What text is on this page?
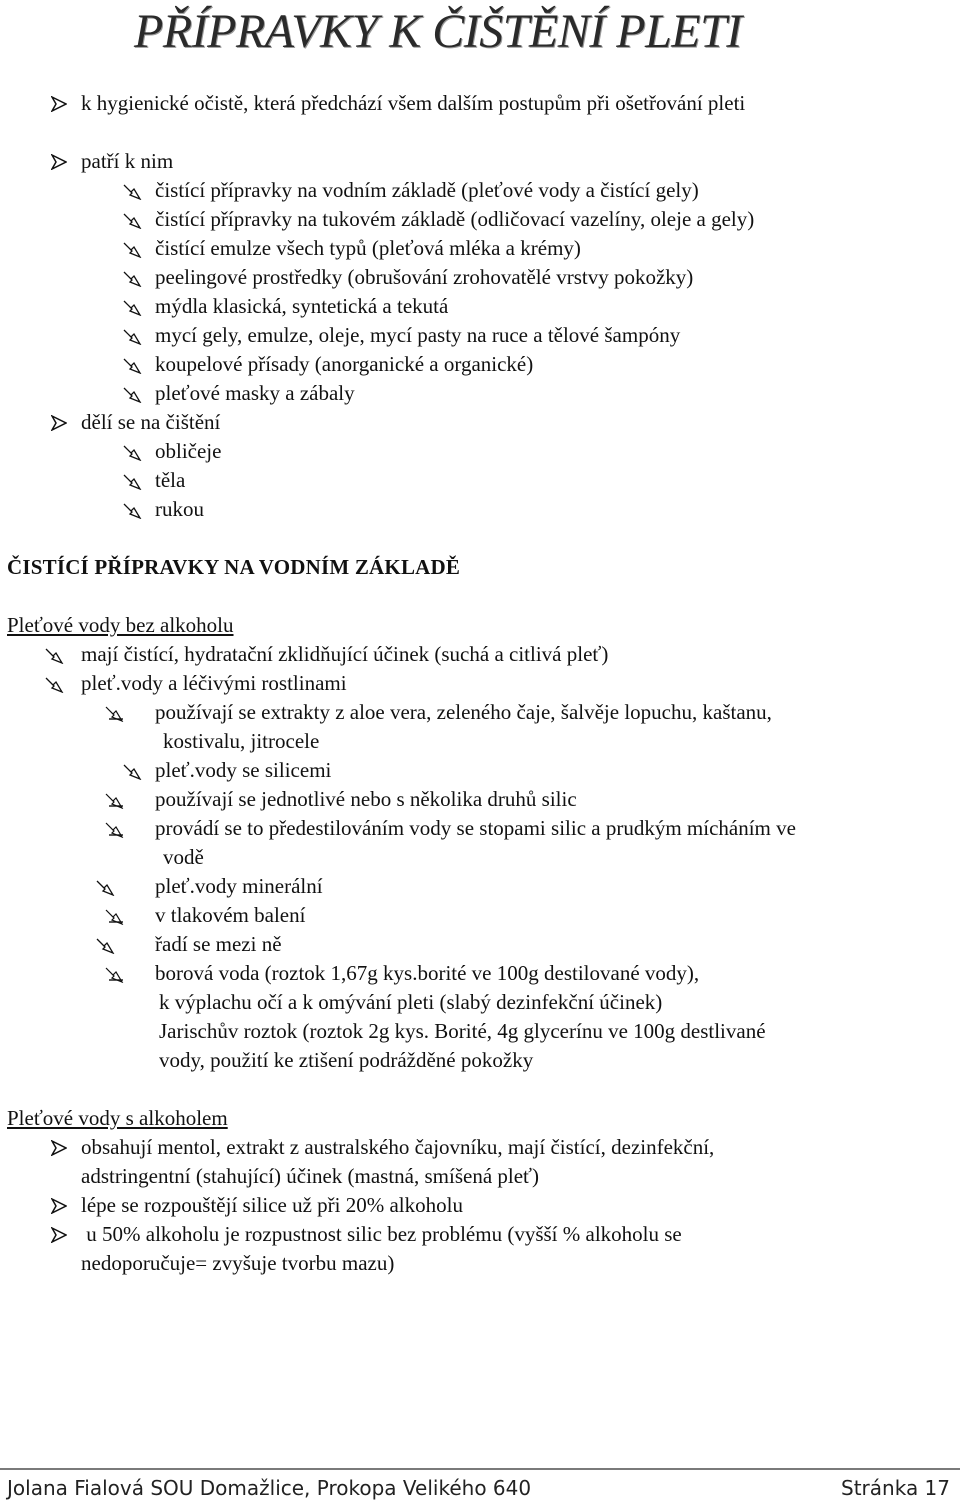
PŘÍPRAVKY K ČIŠTĚNÍ PLETI
k hygienické očistě, která předchází všem dalším postupům při ošetřování pleti
patří k nim
čistící přípravky na vodním základě (pleťové vody a čistící gely)
čistící přípravky na tukovém základě (odličovací vazelíny, oleje a gely)
čistící emulze všech typů (pleťová mléka a krémy)
peelingové prostředky (obrušování zrohovatělé vrstvy pokožky)
mýdla klasická, syntetická a tekutá
mycí gely, emulze, oleje, mycí pasty na ruce a tělové šampóny
koupelové přísady (anorganické a organické)
pleťové masky a zábaly
dělí se na čištění
obličeje
těla
rukou
ČISTÍCÍ PŘÍPRAVKY NA VODNÍM ZÁKLADĚ
Pleťové vody bez alkoholu
mají čistící, hydratační zklidňující účinek (suchá a citlivá pleť)
pleť.vody a léčivými rostlinami
používají se extrakty z aloe vera, zeleného čaje, šalvěje lopuchu, kaštanu,
kostivalu, jitrocele
pleť.vody se silicemi
používají se jednotlivé nebo s několika druhů silic
provádí se to předestilováním vody se stopami silic a prudkým mícháním ve
vodě
pleť.vody minerální
v tlakovém balení
řadí se mezi ně
borová voda (roztok 1,67g kys.borité ve 100g destilované vody),
k výplachu očí a k omývání pleti (slabý dezinfekční účinek)
Jarischův roztok (roztok 2g kys. Borité, 4g glycerínu ve 100g destlivané
vody, použití ke ztišení podrážděné pokožky
Pleťové vody s alkoholem
obsahují mentol, extrakt z australského čajovníku, mají čistící, dezinfekční,
adstringentní (stahující) účinek (mastná, smíšená pleť)
lépe se rozpouštějí silice už při 20% alkoholu
u 50% alkoholu je rozpustnost silic bez problému (vyšší % alkoholu se
nedoporučuje= zvyšuje tvorbu mazu)
Jolana Fialová SOU Domažlice, Prokopa Velikého 640	Stránka 17
